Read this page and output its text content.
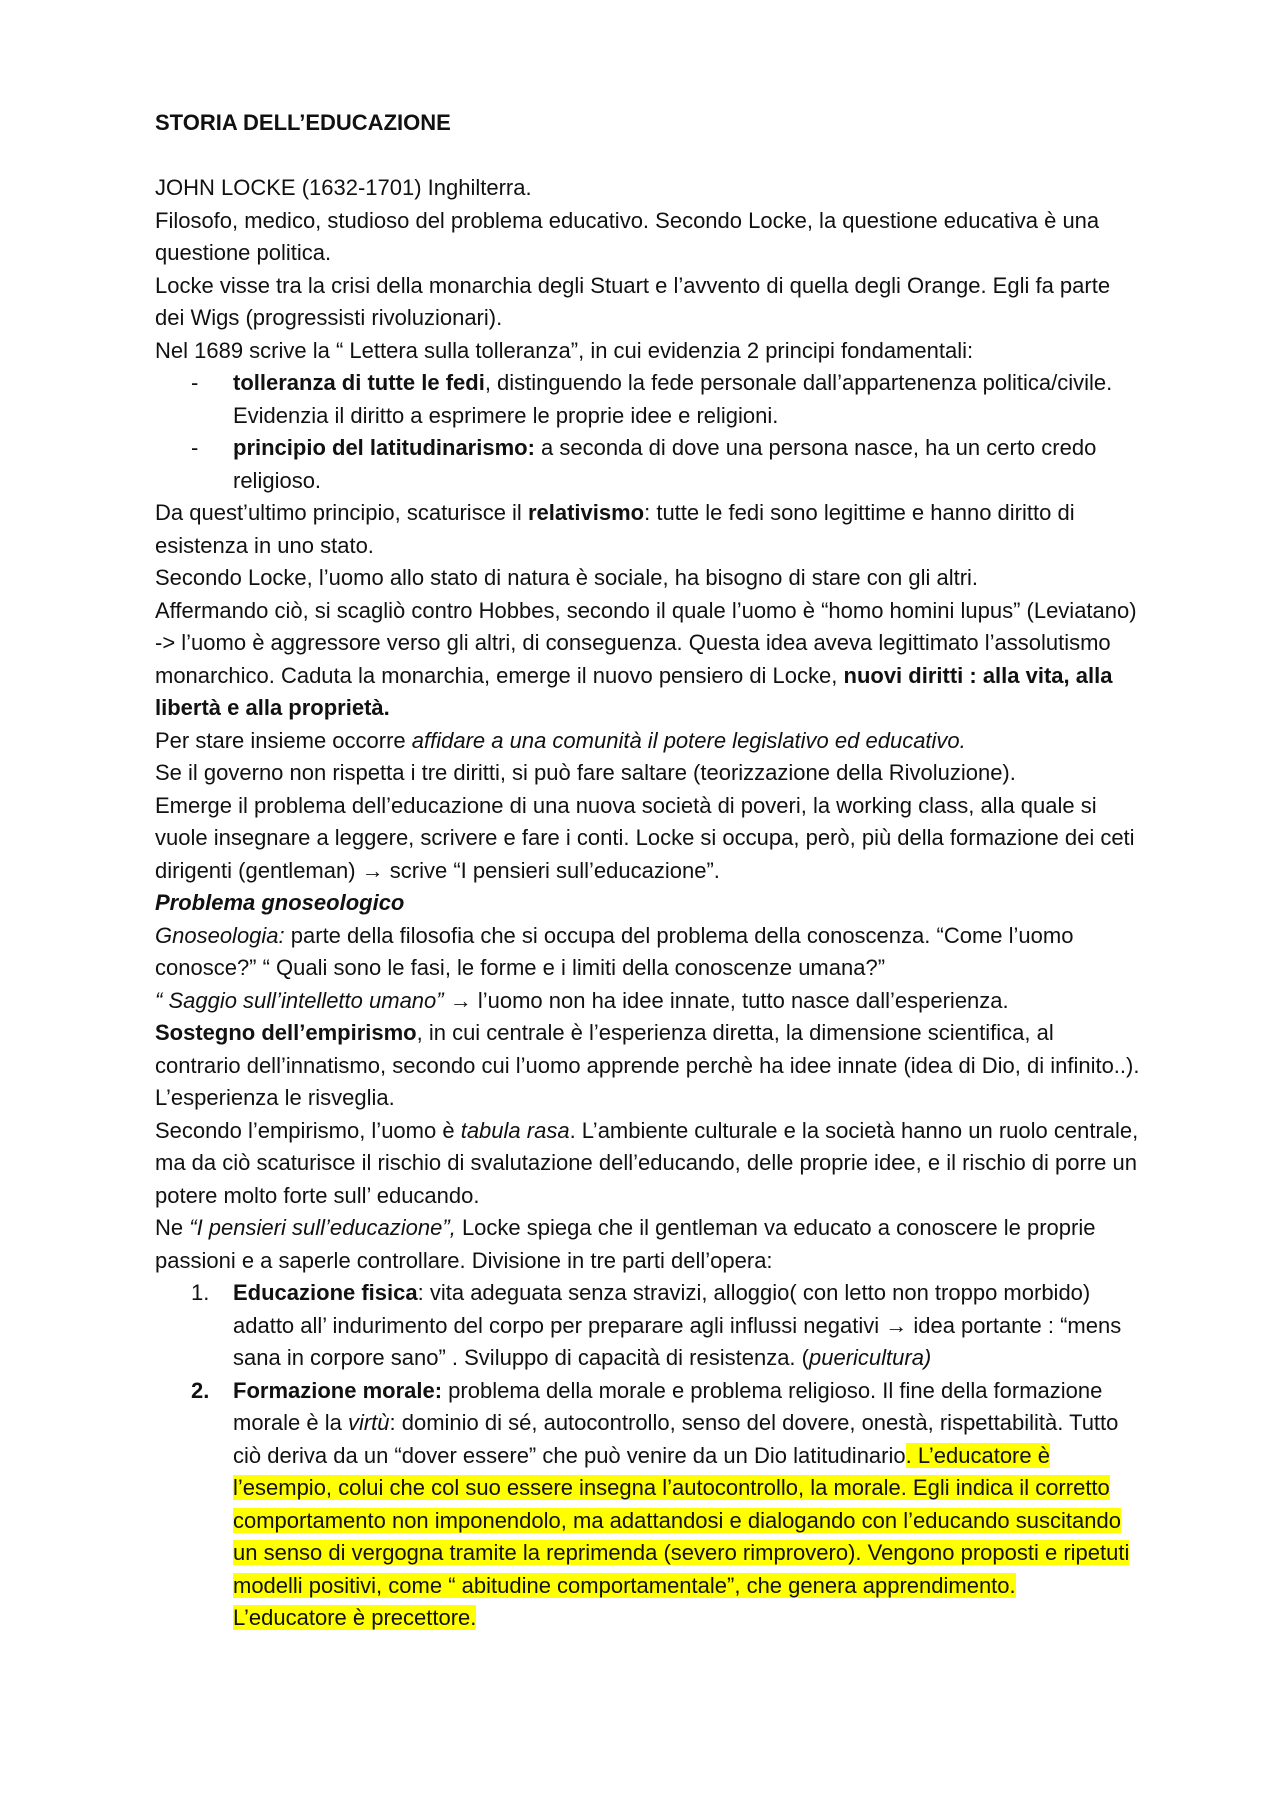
STORIA DELL’EDUCAZIONE

JOHN LOCKE (1632-1701) Inghilterra.

Filosofo, medico, studioso del problema educativo. Secondo Locke, la questione educativa è una questione politica.

Locke visse tra la crisi della monarchia degli Stuart e l’avvento di quella degli Orange. Egli fa parte dei Wigs (progressisti rivoluzionari).

Nel 1689 scrive la “ Lettera sulla tolleranza”, in cui evidenzia 2 principi fondamentali:

- tolleranza di tutte le fedi, distinguendo la fede personale dall’appartenenza politica/civile. Evidenzia il diritto a esprimere le proprie idee e religioni.
- principio del latitudinarismo: a seconda di dove una persona nasce, ha un certo credo religioso.

Da quest’ultimo principio, scaturisce il relativismo: tutte le fedi sono legittime e hanno diritto di esistenza in uno stato.

Secondo Locke, l’uomo allo stato di natura è sociale, ha bisogno di stare con gli altri.

Affermando ciò, si scagliò contro Hobbes, secondo il quale l’uomo è “homo homini lupus” (Leviatano) -> l’uomo è aggressore verso gli altri, di conseguenza. Questa idea aveva legittimato l’assolutismo monarchico. Caduta la monarchia, emerge il nuovo pensiero di Locke, nuovi diritti : alla vita, alla libertà e alla proprietà.

Per stare insieme occorre affidare a una comunità il potere legislativo ed educativo.

Se il governo non rispetta i tre diritti, si può fare saltare (teorizzazione della Rivoluzione).

Emerge il problema dell’educazione di una nuova società di poveri, la working class, alla quale si vuole insegnare a leggere, scrivere e fare i conti. Locke si occupa, però, più della formazione dei ceti dirigenti (gentleman) → scrive “I pensieri sull’educazione”.

Problema gnoseologico

Gnoseologia: parte della filosofia che si occupa del problema della conoscenza. “Come l’uomo conosce?” “ Quali sono le fasi, le forme e i limiti della conoscenze umana?”

“ Saggio sull’intelletto umano” → l’uomo non ha idee innate, tutto nasce dall’esperienza.

Sostegno dell’empirismo, in cui centrale è l’esperienza diretta, la dimensione scientifica, al contrario dell’innatismo, secondo cui l’uomo apprende perchè ha idee innate (idea di Dio, di infinito..). L’esperienza le risveglia.

Secondo l’empirismo, l’uomo è tabula rasa. L’ambiente culturale e la società hanno un ruolo centrale, ma da ciò scaturisce il rischio di svalutazione dell’educando, delle proprie idee, e il rischio di porre un potere molto forte sull’ educando.

Ne “I pensieri sull’educazione”, Locke spiega che il gentleman va educato a conoscere le proprie passioni e a saperle controllare. Divisione in tre parti dell’opera:

1. Educazione fisica: vita adeguata senza stravizi, alloggio( con letto non troppo morbido) adatto all’ indurimento del corpo per preparare agli influssi negativi → idea portante : “mens sana in corpore sano” . Sviluppo di capacità di resistenza. (puericultura)
2. Formazione morale: problema della morale e problema religioso. Il fine della formazione morale è la virtù: dominio di sé, autocontrollo, senso del dovere, onestà, rispettabilità. Tutto ciò deriva da un “dover essere” che può venire da un Dio latitudinario. L’educatore è l’esempio, colui che col suo essere insegna l’autocontrollo, la morale. Egli indica il corretto comportamento non imponendolo, ma adattandosi e dialogando con l’educando suscitando un senso di vergogna tramite la reprimenda (severo rimprovero). Vengono proposti e ripetuti modelli positivi, come “ abitudine comportamentale”, che genera apprendimento.
L’educatore è precettore.
